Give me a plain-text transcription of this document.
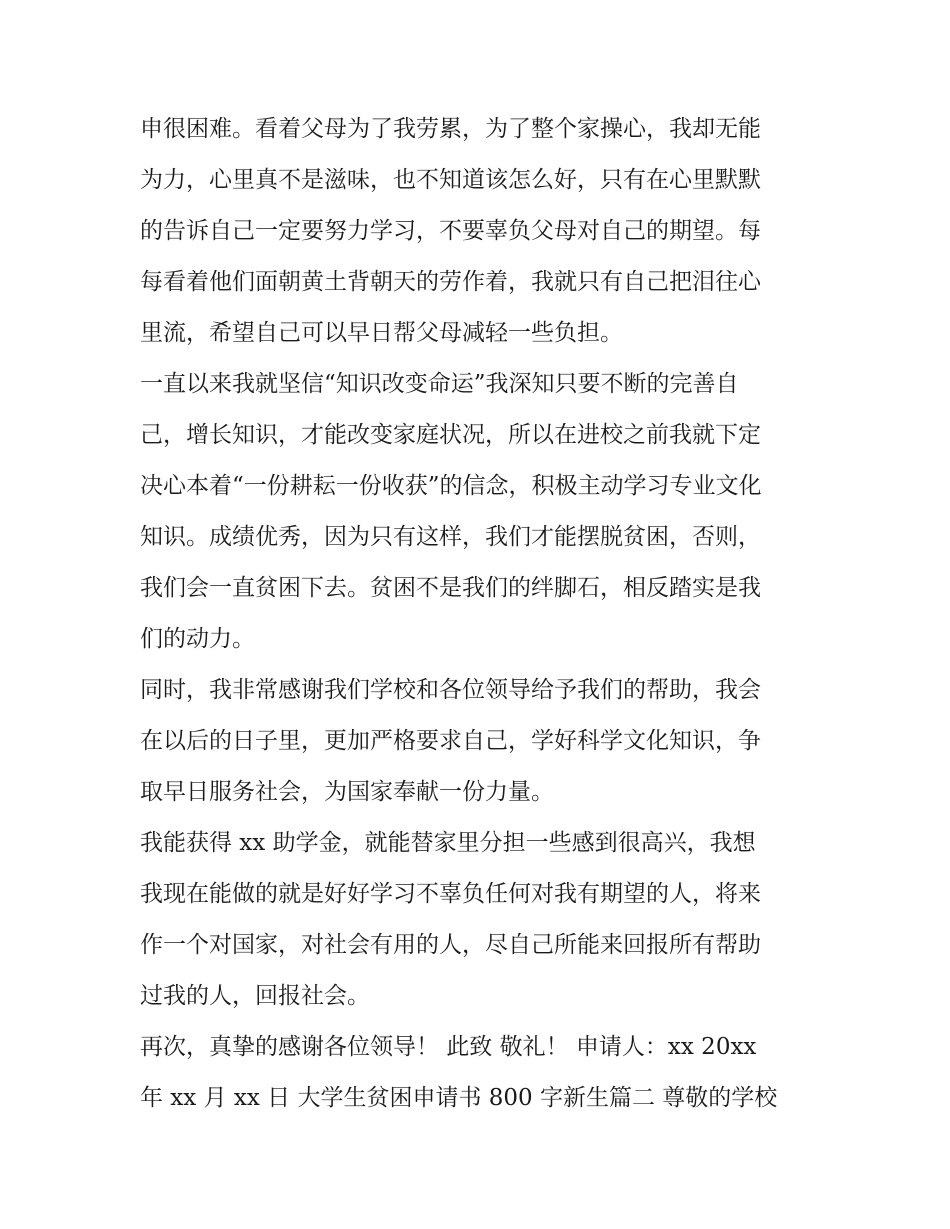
申很困难。看着父母为了我劳累，为了整个家操心，我却无能
为力，心里真不是滋味，也不知道该怎么好，只有在心里默默
的告诉自己一定要努力学习，不要辜负父母对自己的期望。每
每看着他们面朝黄土背朝天的劳作着，我就只有自己把泪往心
里流，希望自己可以早日帮父母减轻一些负担。

一直以来我就坚信“知识改变命运”我深知只要不断的完善自
己，增长知识，才能改变家庭状况，所以在进校之前我就下定
决心本着“一份耕耘一份收获”的信念，积极主动学习专业文化
知识。成绩优秀，因为只有这样，我们才能摆脱贫困，否则，
我们会一直贫困下去。贫困不是我们的绊脚石，相反踏实是我
们的动力。

同时，我非常感谢我们学校和各位领导给予我们的帮助，我会
在以后的日子里，更加严格要求自己，学好科学文化知识，争
取早日服务社会，为国家奉献一份力量。

我能获得 xx 助学金，就能替家里分担一些感到很高兴，我想
我现在能做的就是好好学习不辜负任何对我有期望的人，将来
作一个对国家，对社会有用的人，尽自己所能来回报所有帮助
过我的人，回报社会。

再次，真挚的感谢各位领导！ 此致 敬礼！ 申请人：xx 20xx
年 xx 月 xx 日 大学生贫困申请书 800 字新生篇二 尊敬的学校
